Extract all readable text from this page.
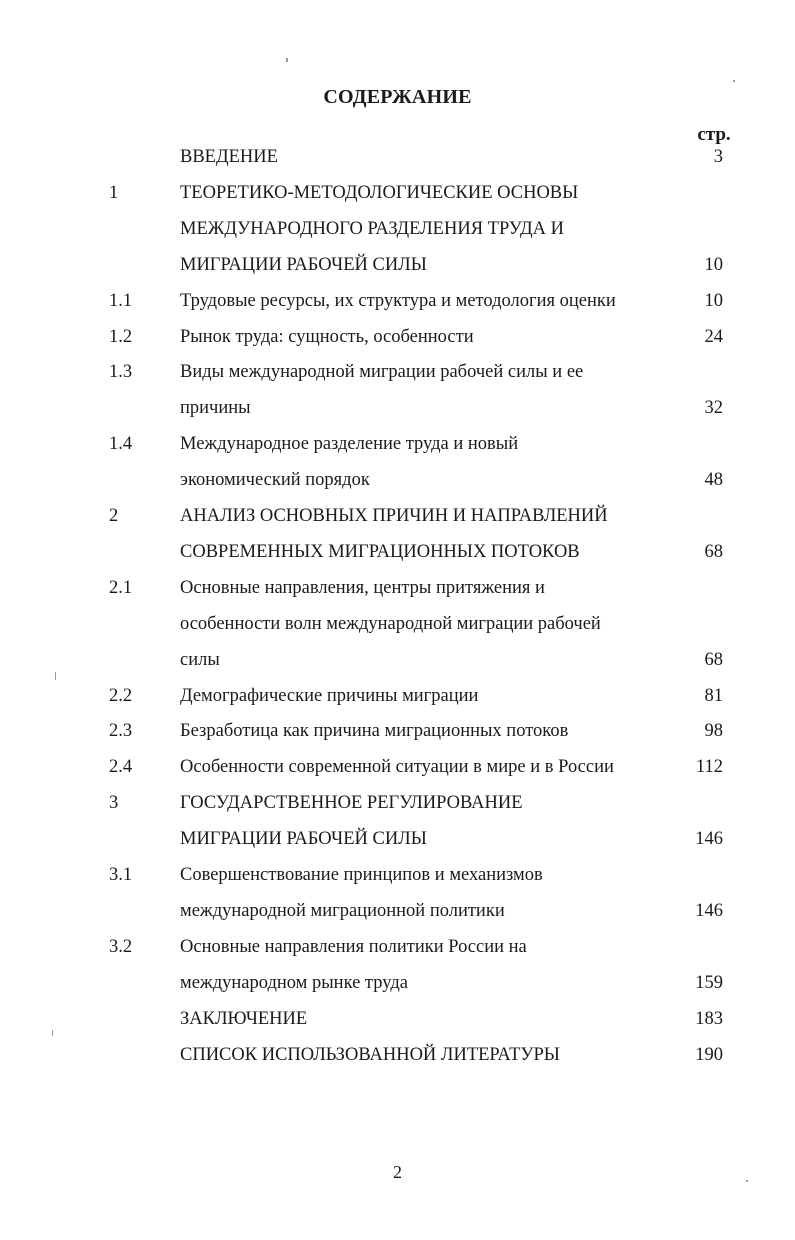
СОДЕРЖАНИЕ
стр.
ВВЕДЕНИЕ	3
1	ТЕОРЕТИКО-МЕТОДОЛОГИЧЕСКИЕ ОСНОВЫ
МЕЖДУНАРОДНОГО РАЗДЕЛЕНИЯ ТРУДА И
МИГРАЦИИ РАБОЧЕЙ СИЛЫ	10
1.1	Трудовые ресурсы, их структура и методология оценки	10
1.2	Рынок труда: сущность, особенности	24
1.3	Виды международной миграции рабочей силы и ее
причины	32
1.4	Международное разделение труда и новый
экономический порядок	48
2	АНАЛИЗ ОСНОВНЫХ ПРИЧИН И НАПРАВЛЕНИЙ
СОВРЕМЕННЫХ МИГРАЦИОННЫХ ПОТОКОВ	68
2.1	Основные направления, центры притяжения и
особенности волн международной миграции рабочей
силы	68
2.2	Демографические причины миграции	81
2.3	Безработица как причина миграционных потоков	98
2.4	Особенности современной ситуации в мире и в России	112
3	ГОСУДАРСТВЕННОЕ РЕГУЛИРОВАНИЕ
МИГРАЦИИ РАБОЧЕЙ СИЛЫ	146
3.1	Совершенствование принципов и механизмов
международной миграционной политики	146
3.2	Основные направления политики России на
международном рынке труда	159
ЗАКЛЮЧЕНИЕ	183
СПИСОК ИСПОЛЬЗОВАННОЙ ЛИТЕРАТУРЫ	190
2
